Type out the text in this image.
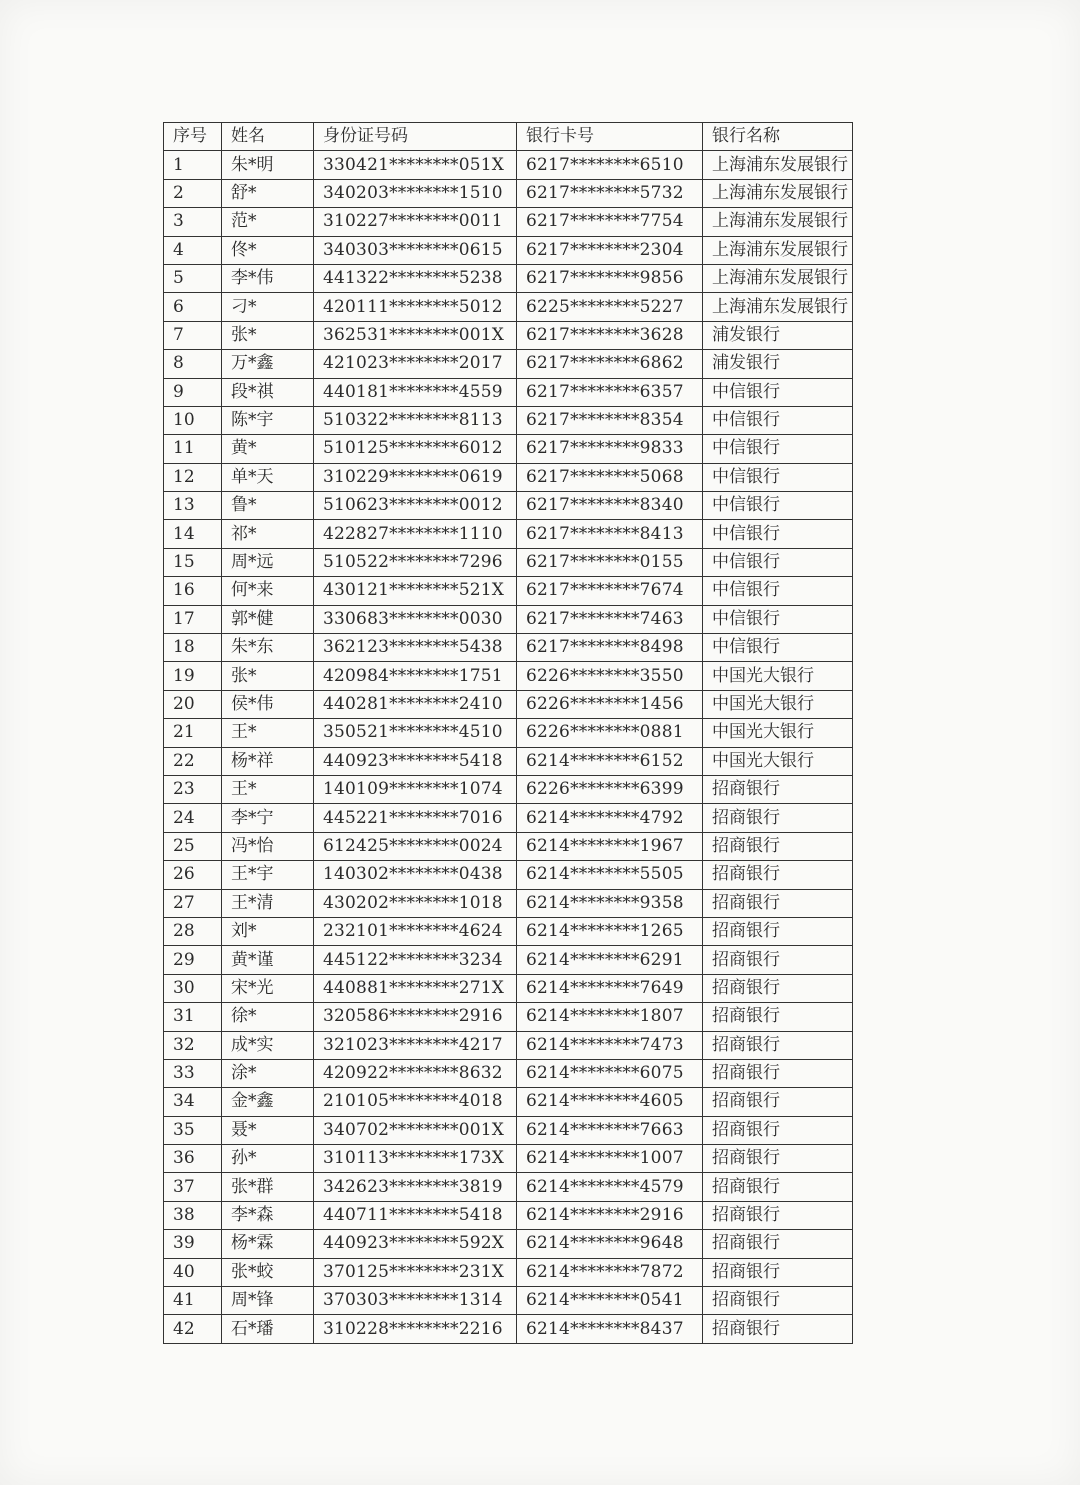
序号	姓名	身份证号码	银行卡号	银行名称
1	朱*明	330421********051X	6217********6510	上海浦东发展银行
2	舒*	340203********1510	6217********5732	上海浦东发展银行
3	范*	310227********0011	6217********7754	上海浦东发展银行
4	佟*	340303********0615	6217********2304	上海浦东发展银行
5	李*伟	441322********5238	6217********9856	上海浦东发展银行
6	刁*	420111********5012	6225********5227	上海浦东发展银行
7	张*	362531********001X	6217********3628	浦发银行
8	万*鑫	421023********2017	6217********6862	浦发银行
9	段*祺	440181********4559	6217********6357	中信银行
10	陈*宇	510322********8113	6217********8354	中信银行
11	黄*	510125********6012	6217********9833	中信银行
12	单*天	310229********0619	6217********5068	中信银行
13	鲁*	510623********0012	6217********8340	中信银行
14	祁*	422827********1110	6217********8413	中信银行
15	周*远	510522********7296	6217********0155	中信银行
16	何*来	430121********521X	6217********7674	中信银行
17	郭*健	330683********0030	6217********7463	中信银行
18	朱*东	362123********5438	6217********8498	中信银行
19	张*	420984********1751	6226********3550	中国光大银行
20	侯*伟	440281********2410	6226********1456	中国光大银行
21	王*	350521********4510	6226********0881	中国光大银行
22	杨*祥	440923********5418	6214********6152	中国光大银行
23	王*	140109********1074	6226********6399	招商银行
24	李*宁	445221********7016	6214********4792	招商银行
25	冯*怡	612425********0024	6214********1967	招商银行
26	王*宇	140302********0438	6214********5505	招商银行
27	王*清	430202********1018	6214********9358	招商银行
28	刘*	232101********4624	6214********1265	招商银行
29	黄*谨	445122********3234	6214********6291	招商银行
30	宋*光	440881********271X	6214********7649	招商银行
31	徐*	320586********2916	6214********1807	招商银行
32	成*实	321023********4217	6214********7473	招商银行
33	涂*	420922********8632	6214********6075	招商银行
34	金*鑫	210105********4018	6214********4605	招商银行
35	聂*	340702********001X	6214********7663	招商银行
36	孙*	310113********173X	6214********1007	招商银行
37	张*群	342623********3819	6214********4579	招商银行
38	李*森	440711********5418	6214********2916	招商银行
39	杨*霖	440923********592X	6214********9648	招商银行
40	张*蛟	370125********231X	6214********7872	招商银行
41	周*锋	370303********1314	6214********0541	招商银行
42	石*璠	310228********2216	6214********8437	招商银行
